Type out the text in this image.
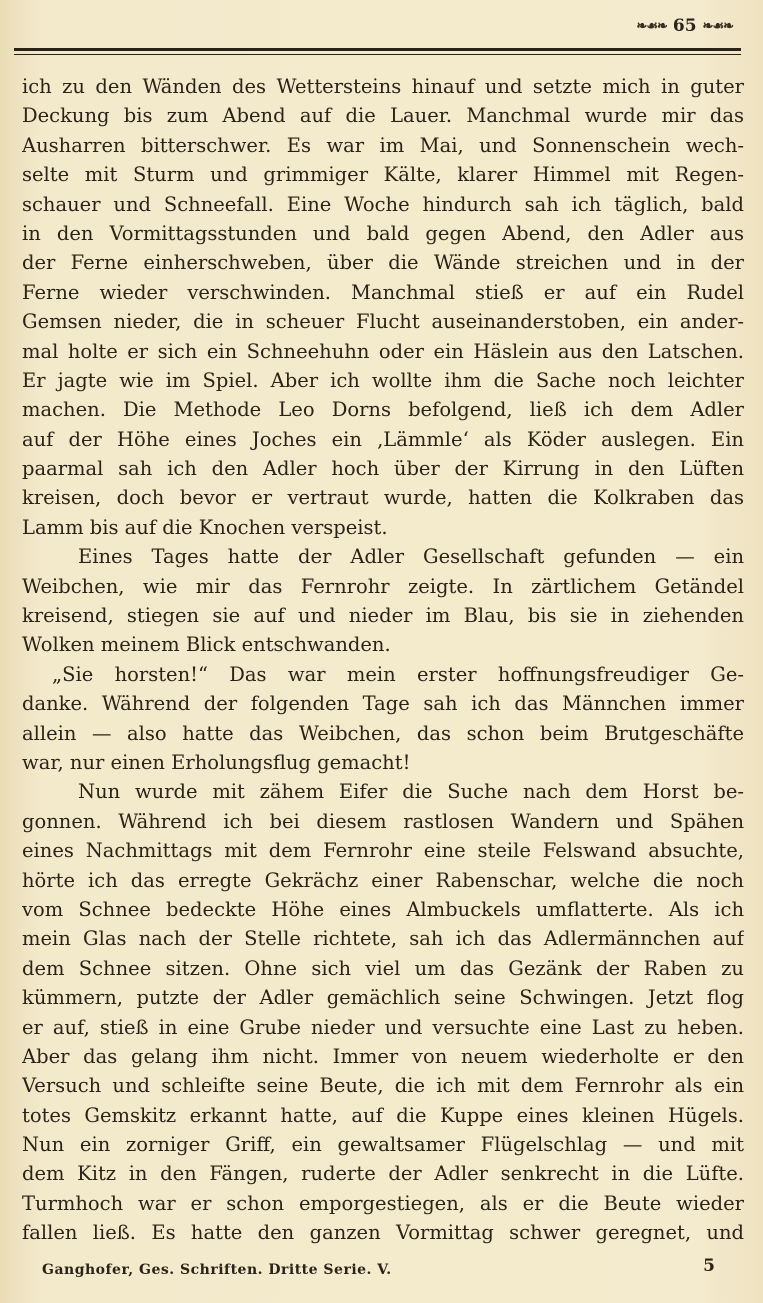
❧☙❧ 65 ❧☙❧
ich zu den Wänden des Wettersteins hinauf und setzte mich in guter
Deckung bis zum Abend auf die Lauer. Manchmal wurde mir das
Ausharren bitterschwer. Es war im Mai, und Sonnenschein wech-
selte mit Sturm und grimmiger Kälte, klarer Himmel mit Regen-
schauer und Schneefall. Eine Woche hindurch sah ich täglich, bald
in den Vormittagsstunden und bald gegen Abend, den Adler aus
der Ferne einherschweben, über die Wände streichen und in der
Ferne wieder verschwinden. Manchmal stieß er auf ein Rudel
Gemsen nieder, die in scheuer Flucht auseinanderstoben, ein ander-
mal holte er sich ein Schneehuhn oder ein Häslein aus den Latschen.
Er jagte wie im Spiel. Aber ich wollte ihm die Sache noch leichter
machen. Die Methode Leo Dorns befolgend, ließ ich dem Adler
auf der Höhe eines Joches ein ‚Lämmle‘ als Köder auslegen. Ein
paarmal sah ich den Adler hoch über der Kirrung in den Lüften
kreisen, doch bevor er vertraut wurde, hatten die Kolkraben das
Lamm bis auf die Knochen verspeist.
Eines Tages hatte der Adler Gesellschaft gefunden — ein
Weibchen, wie mir das Fernrohr zeigte. In zärtlichem Getändel
kreisend, stiegen sie auf und nieder im Blau, bis sie in ziehenden
Wolken meinem Blick entschwanden.
„Sie horsten!“ Das war mein erster hoffnungsfreudiger Ge-
danke. Während der folgenden Tage sah ich das Männchen immer
allein — also hatte das Weibchen, das schon beim Brutgeschäfte
war, nur einen Erholungsflug gemacht!
Nun wurde mit zähem Eifer die Suche nach dem Horst be-
gonnen. Während ich bei diesem rastlosen Wandern und Spähen
eines Nachmittags mit dem Fernrohr eine steile Felswand absuchte,
hörte ich das erregte Gekrächz einer Rabenschar, welche die noch
vom Schnee bedeckte Höhe eines Almbuckels umflatterte. Als ich
mein Glas nach der Stelle richtete, sah ich das Adlermännchen auf
dem Schnee sitzen. Ohne sich viel um das Gezänk der Raben zu
kümmern, putzte der Adler gemächlich seine Schwingen. Jetzt flog
er auf, stieß in eine Grube nieder und versuchte eine Last zu heben.
Aber das gelang ihm nicht. Immer von neuem wiederholte er den
Versuch und schleifte seine Beute, die ich mit dem Fernrohr als ein
totes Gemskitz erkannt hatte, auf die Kuppe eines kleinen Hügels.
Nun ein zorniger Griff, ein gewaltsamer Flügelschlag — und mit
dem Kitz in den Fängen, ruderte der Adler senkrecht in die Lüfte.
Turmhoch war er schon emporgestiegen, als er die Beute wieder
fallen ließ. Es hatte den ganzen Vormittag schwer geregnet, und
Ganghofer, Ges. Schriften. Dritte Serie. V.	5
